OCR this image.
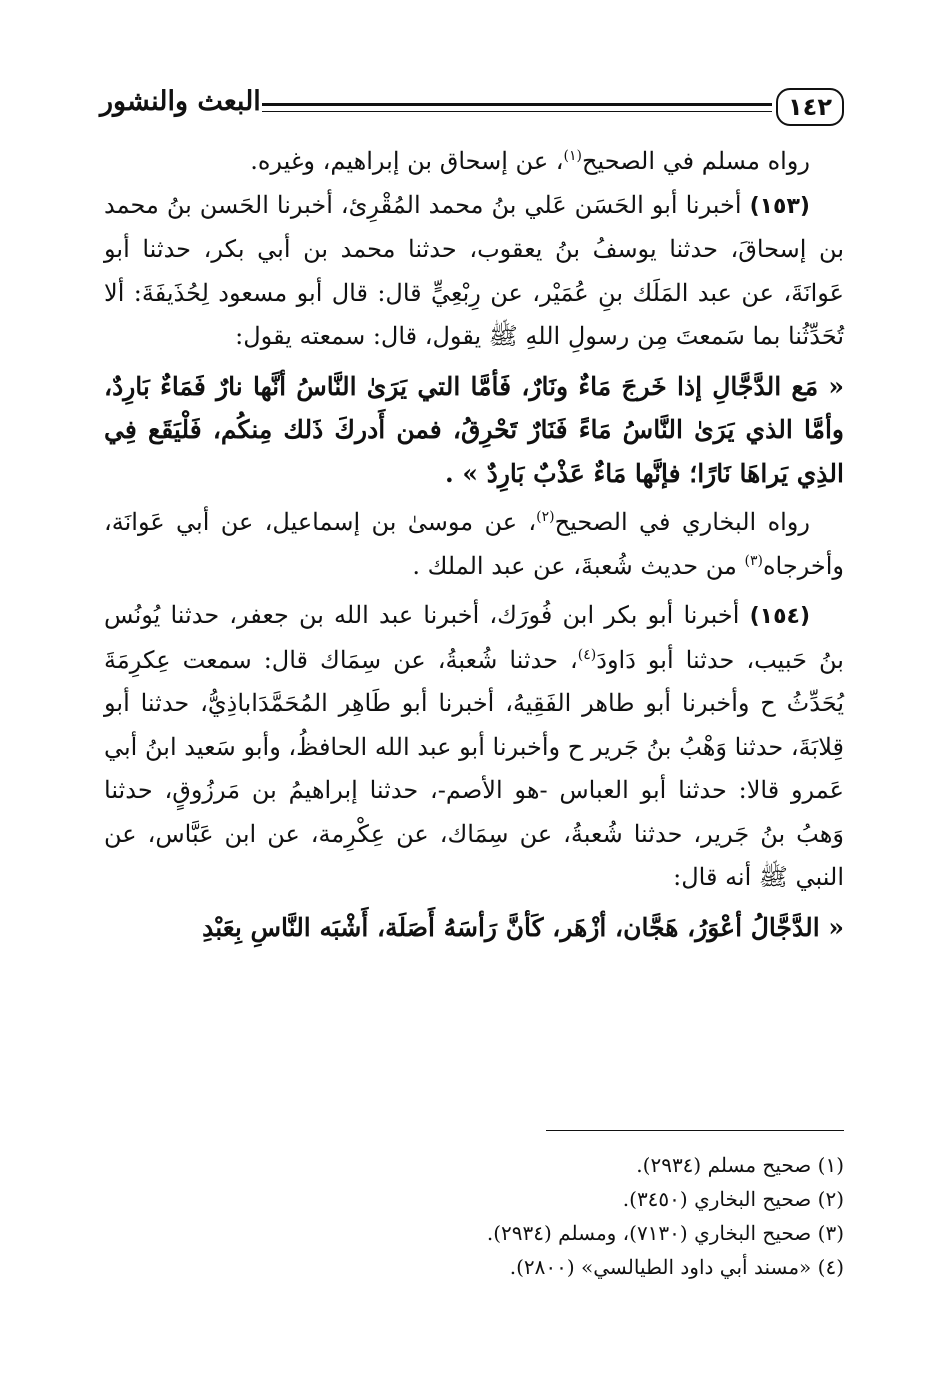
١٤٢
البعث والنشور

رواه مسلم في الصحيح$^{(١)}$، عن إسحاق بن إبراهيم، وغيره.

(١٥٣) أخبرنا أبو الحَسَن عَلي بنُ محمد المُقْرِئ، أخبرنا الحَسن بنُ محمد بن إسحاقَ، حدثنا يوسفُ بنُ يعقوب، حدثنا محمد بن أبي بكر، حدثنا أبو عَوانَةَ، عن عبد المَلَك بنِ عُمَيْر، عن رِبْعِيٍّ قال: قال أبو مسعود لِحُذَيفَةَ: ألا تُحَدِّثُنا بما سَمعتَ مِن رسولِ اللهِ ﷺ يقول، قال: سمعته يقول:

« مَع الدَّجَّالِ إذا خَرجَ مَاءٌ ونَارٌ، فَأمَّا التي يَرَىٰ النَّاسُ أنَّها نارٌ فَمَاءٌ بَارِدٌ، وأمَّا الذي يَرَىٰ النَّاسُ مَاءً فَنَارٌ تَحْرِقُ، فمن أَدركَ ذَلك مِنكُم، فَلْيَقَع فِي الذِي يَراهَا نَارًا؛ فإنَّها مَاءٌ عَذْبٌ بَارِدٌ » .

رواه البخاري في الصحيح$^{(٢)}$، عن موسىٰ بن إسماعيل، عن أبي عَوانَة، وأخرجاه$^{(٣)}$ من حديث شُعبةَ، عن عبد الملك .

(١٥٤) أخبرنا أبو بكر ابن فُورَك، أخبرنا عبد الله بن جعفر، حدثنا يُونُس بنُ حَبيب، حدثنا أبو دَاودَ$^{(٤)}$، حدثنا شُعبةُ، عن سِمَاك قال: سمعت عِكرِمَةَ يُحَدِّثُ ح وأخبرنا أبو طاهر الفَقِيهُ، أخبرنا أبو طَاهِر المُحَمَّدَاباذِيُّ، حدثنا أبو قِلابَةَ، حدثنا وَهْبُ بنُ جَرير ح وأخبرنا أبو عبد الله الحافظُ، وأبو سَعيد ابنُ أبي عَمرو قالا: حدثنا أبو العباس -هو الأصم-، حدثنا إبراهيمُ بن مَرزُوقٍ، حدثنا وَهبُ بنُ جَرير، حدثنا شُعبةُ، عن سِمَاك، عن عِكْرِمة، عن ابن عَبَّاس، عن النبي ﷺ أنه قال:

« الدَّجَّالُ أعْوَرُ، هَجَّان، أزْهَر، كَأنَّ رَأسَهُ أَصَلَة، أَشْبَه النَّاسِ بِعَبْدِ

(١) صحيح مسلم (٢٩٣٤).
(٢) صحيح البخاري (٣٤٥٠).
(٣) صحيح البخاري (٧١٣٠)، ومسلم (٢٩٣٤).
(٤) «مسند أبي داود الطيالسي» (٢٨٠٠).
